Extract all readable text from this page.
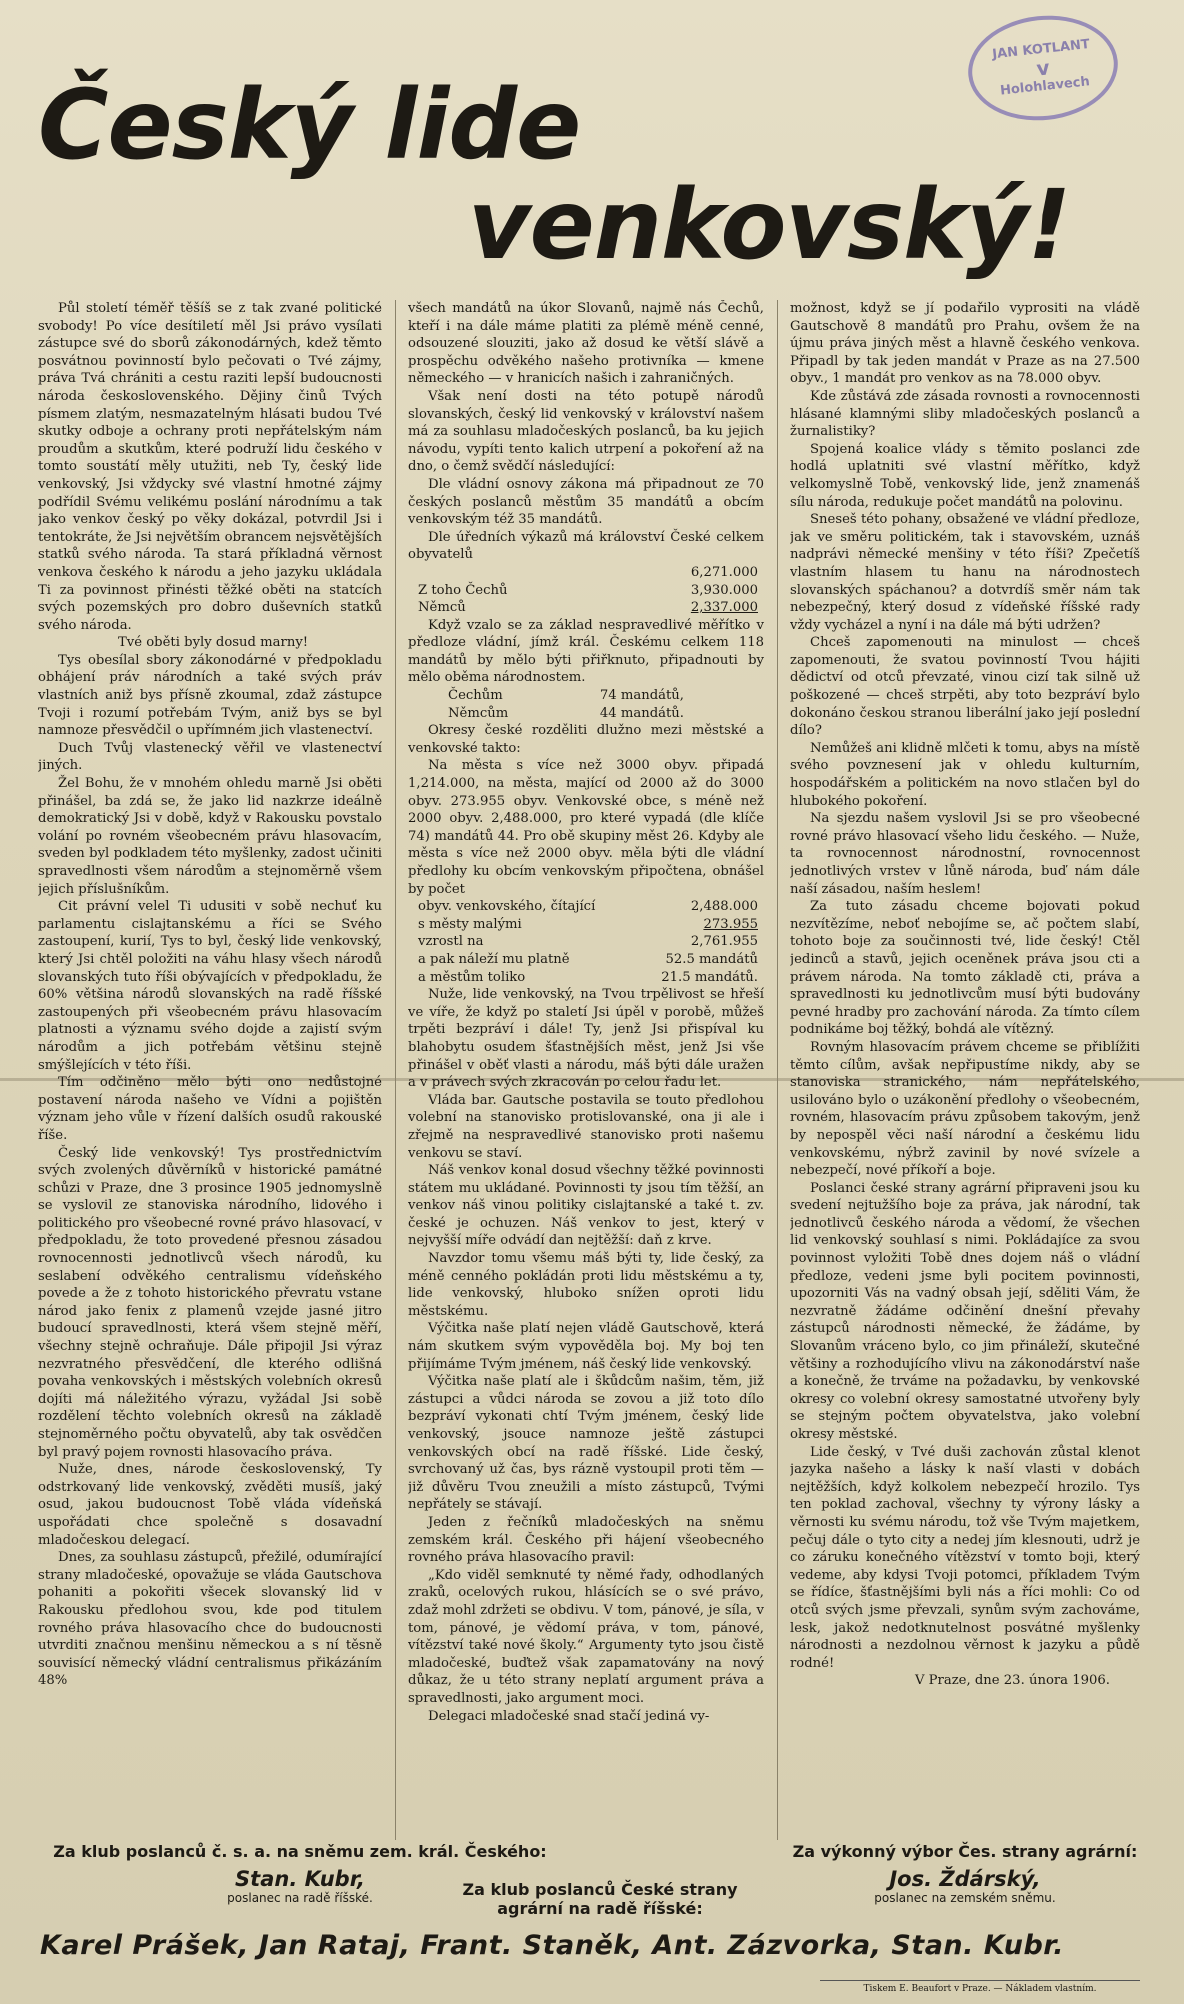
JAN KOTLANT
v
Holohlavech
Český lide
venkovský!

Půl století téměř těšíš se z tak zvané politické svobody! Po více desítiletí měl Jsi právo vysílati zástupce své do sborů zákonodárných, kdež těmto posvátnou povinností bylo pečovati o Tvé zájmy, práva Tvá chrániti a cestu raziti lepší budoucnosti národa československého. Dějiny činů Tvých písmem zlatým, nesmazatelným hlásati budou Tvé skutky odboje a ochrany proti nepřátelským nám proudům a skutkům, které podruží lidu českého v tomto soustátí měly utužiti, neb Ty, český lide venkovský, Jsi vždycky své vlastní hmotné zájmy podřídil Svému velikému poslání národnímu a tak jako venkov český po věky dokázal, potvrdil Jsi i tentokráte, že Jsi největším obrancem nejsvětějších statků svého národa. Ta stará příkladná věrnost venkova českého k národu a jeho jazyku ukládala Ti za povinnost přinésti těžké oběti na statcích svých pozemských pro dobro duševních statků svého národa.

Tvé oběti byly dosud marny!

Tys obesílal sbory zákonodárné v předpokladu obhájení práv národních a také svých práv vlastních aniž bys přísně zkoumal, zdaž zástupce Tvoji i rozumí potřebám Tvým, aniž bys se byl namnoze přesvědčil o upřímném jich vlastenectví.

Duch Tvůj vlastenecký věřil ve vlastenectví jiných.

Žel Bohu, že v mnohém ohledu marně Jsi oběti přinášel, ba zdá se, že jako lid nazkrze ideálně demokratický Jsi v době, když v Rakousku povstalo volání po rovném všeobecném právu hlasovacím, sveden byl podkladem této myšlenky, zadost učiniti spravedlnosti všem národům a stejnoměrně všem jejich příslušníkům.

Cit právní velel Ti udusiti v sobě nechuť ku parlamentu cislajtanskému a říci se Svého zastoupení, kurií, Tys to byl, český lide venkovský, který Jsi chtěl položiti na váhu hlasy všech národů slovanských tuto říši obývajících v předpokladu, že 60% většina národů slovanských na radě říšské zastoupených při všeobecném právu hlasovacím platnosti a významu svého dojde a zajistí svým národům a jich potřebám většinu stejně smýšlejících v této říši.

Tím odčiněno mělo býti ono nedůstojné postavení národa našeho ve Vídni a pojištěn význam jeho vůle v řízení dalších osudů rakouské říše.

Český lide venkovský! Tys prostřednictvím svých zvolených důvěrníků v historické památné schůzi v Praze, dne 3 prosince 1905 jednomyslně se vyslovil ze stanoviska národního, lidového i politického pro všeobecné rovné právo hlasovací, v předpokladu, že toto provedené přesnou zásadou rovnocennosti jednotlivců všech národů, ku seslabení odvěkého centralismu vídeňského povede a že z tohoto historického převratu vstane národ jako fenix z plamenů vzejde jasné jitro budoucí spravedlnosti, která všem stejně měří, všechny stejně ochraňuje. Dále připojil Jsi výraz nezvratného přesvědčení, dle kterého odlišná povaha venkovských i městských volebních okresů dojíti má náležitého výrazu, vyžádal Jsi sobě rozdělení těchto volebních okresů na základě stejnoměrného počtu obyvatelů, aby tak osvědčen byl pravý pojem rovnosti hlasovacího práva.

Nuže, dnes, národe československý, Ty odstrkovaný lide venkovský, zvěděti musíš, jaký osud, jakou budoucnost Tobě vláda vídeňská uspořádati chce společně s dosavadní mladočeskou delegací.

Dnes, za souhlasu zástupců, přežilé, odumírající strany mladočeské, opovažuje se vláda Gautschova pohaniti a pokořiti všecek slovanský lid v Rakousku předlohou svou, kde pod titulem rovného práva hlasovacího chce do budoucnosti utvrditi značnou menšinu německou a s ní těsně souvisící německý vládní centralismus přikázáním 48%

všech mandátů na úkor Slovanů, najmě nás Čechů, kteří i na dále máme platiti za plémě méně cenné, odsouzené slouziti, jako až dosud ke větší slávě a prospěchu odvěkého našeho protivníka — kmene německého — v hranicích našich i zahraničných.

Však není dosti na této potupě národů slovanských, český lid venkovský v království našem má za souhlasu mladočeských poslanců, ba ku jejich návodu, vypíti tento kalich utrpení a pokoření až na dno, o čemž svědčí následující:

Dle vládní osnovy zákona má připadnout ze 70 českých poslanců městům 35 mandátů a obcím venkovským též 35 mandátů.

Dle úředních výkazů má království České celkem obyvatelů

6,271.000
Z toho Čechů	3,930.000
Němců	2,337.000

Když vzalo se za základ nespravedlivé měřítko v předloze vládní, jímž král. Českému celkem 118 mandátů by mělo býti přiřknuto, připadnouti by mělo oběma národnostem.

Čechům	74 mandátů,
Němcům	44 mandátů.

Okresy české rozděliti dlužno mezi městské a venkovské takto:

Na města s více než 3000 obyv. připadá 1,214.000, na města, mající od 2000 až do 3000 obyv. 273.955 obyv. Venkovské obce, s méně než 2000 obyv. 2,488.000, pro které vypadá (dle klíče 74) mandátů 44. Pro obě skupiny měst 26. Kdyby ale města s více než 2000 obyv. měla býti dle vládní předlohy ku obcím venkovským připočtena, obnášel by počet

obyv. venkovského, čítající	2,488.000
s městy malými	273.955
vzrostl na	2,761.955
a pak náleží mu platně	52.5 mandátů
a městům toliko	21.5 mandátů.

Nuže, lide venkovský, na Tvou trpělivost se hřeší ve víře, že když po staletí Jsi úpěl v porobě, můžeš trpěti bezpráví i dále! Ty, jenž Jsi přispíval ku blahobytu osudem šťastnějších měst, jenž Jsi vše přinášel v oběť vlasti a národu, máš býti dále uražen a v právech svých zkracován po celou řadu let.

Vláda bar. Gautsche postavila se touto předlohou volební na stanovisko protislovanské, ona ji ale i zřejmě na nespravedlivé stanovisko proti našemu venkovu se staví.

Náš venkov konal dosud všechny těžké povinnosti státem mu ukládané. Povinnosti ty jsou tím těžší, an venkov náš vinou politiky cislajtanské a také t. zv. české je ochuzen. Náš venkov to jest, který v nejvyšší míře odvádí dan nejtěžší: daň z krve.

Navzdor tomu všemu máš býti ty, lide český, za méně cenného pokládán proti lidu městskému a ty, lide venkovský, hluboko snížen oproti lidu městskému.

Výčitka naše platí nejen vládě Gautschově, která nám skutkem svým vypověděla boj. My boj ten přijímáme Tvým jménem, náš český lide venkovský.

Výčitka naše platí ale i škůdcům našim, těm, již zástupci a vůdci národa se zovou a již toto dílo bezpráví vykonati chtí Tvým jménem, český lide venkovský, jsouce namnoze ještě zástupci venkovských obcí na radě říšské. Lide český, svrchovaný už čas, bys rázně vystoupil proti těm — již důvěru Tvou zneužili a místo zástupců, Tvými nepřátely se stávají.

Jeden z řečníků mladočeských na sněmu zemském král. Českého při hájení všeobecného rovného práva hlasovacího pravil:

„Kdo viděl semknuté ty němé řady, odhodlaných zraků, ocelových rukou, hlásících se o své právo, zdaž mohl zdržeti se obdivu. V tom, pánové, je síla, v tom, pánové, je vědomí práva, v tom, pánové, vítězství také nové školy.“ Argumenty tyto jsou čistě mladočeské, buďtež však zapamatovány na nový důkaz, že u této strany neplatí argument práva a spravedlnosti, jako argument moci.

Delegaci mladočeské snad stačí jediná vy-

možnost, když se jí podařilo vyprositi na vládě Gautschově 8 mandátů pro Prahu, ovšem že na újmu práva jiných měst a hlavně českého venkova. Připadl by tak jeden mandát v Praze as na 27.500 obyv., 1 mandát pro venkov as na 78.000 obyv.

Kde zůstává zde zásada rovnosti a rovnocennosti hlásané klamnými sliby mladočeských poslanců a žurnalistiky?

Spojená koalice vlády s těmito poslanci zde hodlá uplatniti své vlastní měřítko, když velkomyslně Tobě, venkovský lide, jenž znamenáš sílu národa, redukuje počet mandátů na polovinu.

Sneseš této pohany, obsažené ve vládní předloze, jak ve směru politickém, tak i stavovském, uznáš nadprávi německé menšiny v této říši? Zpečetíš vlastním hlasem tu hanu na národnostech slovanských spáchanou? a dotvrdíš směr nám tak nebezpečný, který dosud z vídeňské říšské rady vždy vycházel a nyní i na dále má býti udržen?

Chceš zapomenouti na minulost — chceš zapomenouti, že svatou povinností Tvou hájiti dědictví od otců převzaté, vinou cizí tak silně už poškozené — chceš strpěti, aby toto bezpráví bylo dokonáno českou stranou liberální jako její poslední dílo?

Nemůžeš ani klidně mlčeti k tomu, abys na místě svého povznesení jak v ohledu kulturním, hospodářském a politickém na novo stlačen byl do hlubokého pokoření.

Na sjezdu našem vyslovil Jsi se pro všeobecné rovné právo hlasovací všeho lidu českého. — Nuže, ta rovnocennost národnostní, rovnocennost jednotlivých vrstev v lůně národa, buď nám dále naší zásadou, naším heslem!

Za tuto zásadu chceme bojovati pokud nezvítězíme, neboť nebojíme se, ač počtem slabí, tohoto boje za součinnosti tvé, lide český! Ctěl jedinců a stavů, jejich oceněnek práva jsou cti a právem národa. Na tomto základě cti, práva a spravedlnosti ku jednotlivcům musí býti budovány pevné hradby pro zachování národa. Za tímto cílem podnikáme boj těžký, bohdá ale vítězný.

Rovným hlasovacím právem chceme se přiblížiti těmto cílům, avšak nepřipustíme nikdy, aby se stanoviska stranického, nám nepřátelského, usilováno bylo o uzákonění předlohy o všeobecném, rovném, hlasovacím právu způsobem takovým, jenž by nepospěl věci naší národní a českému lidu venkovskému, nýbrž zavinil by nové svízele a nebezpečí, nové příkoří a boje.

Poslanci české strany agrární připraveni jsou ku svedení nejtužšího boje za práva, jak národní, tak jednotlivců českého národa a vědomí, že všechen lid venkovský souhlasí s nimi. Pokládajíce za svou povinnost vyložiti Tobě dnes dojem náš o vládní předloze, vedeni jsme byli pocitem povinnosti, upozorniti Vás na vadný obsah její, sděliti Vám, že nezvratně žádáme odčinění dnešní převahy zástupců národnosti německé, že žádáme, by Slovanům vráceno bylo, co jim přináleží, skutečné většiny a rozhodujícího vlivu na zákonodárství naše a konečně, že trváme na požadavku, by venkovské okresy co volební okresy samostatné utvořeny byly se stejným počtem obyvatelstva, jako volební okresy městské.

Lide český, v Tvé duši zachován zůstal klenot jazyka našeho a lásky k naší vlasti v dobách nejtěžších, když kolkolem nebezpečí hrozilo. Tys ten poklad zachoval, všechny ty výrony lásky a věrnosti ku svému národu, tož vše Tvým majetkem, pečuj dále o tyto city a nedej jím klesnouti, udrž je co záruku konečného vítězství v tomto boji, který vedeme, aby kdysi Tvoji potomci, příkladem Tvým se řídíce, šťastnějšími byli nás a říci mohli: Co od otců svých jsme převzali, synům svým zachováme, lesk, jakož nedotknutelnost posvátné myšlenky národnosti a nezdolnou věrnost k jazyku a půdě rodné!

V Praze, dne 23. února 1906.

Za klub poslanců č. s. a. na sněmu zem. král. Českého:
Stan. Kubr,
poslanec na radě říšské.	Za klub poslanců České strany
agrární na radě říšské:
Za výkonný výbor Čes. strany agrární:
Jos. Ždárský,
poslanec na zemském sněmu.
Karel Prášek, Jan Rataj, Frant. Staněk, Ant. Zázvorka, Stan. Kubr.
Tiskem E. Beaufort v Praze. — Nákladem vlastním.
